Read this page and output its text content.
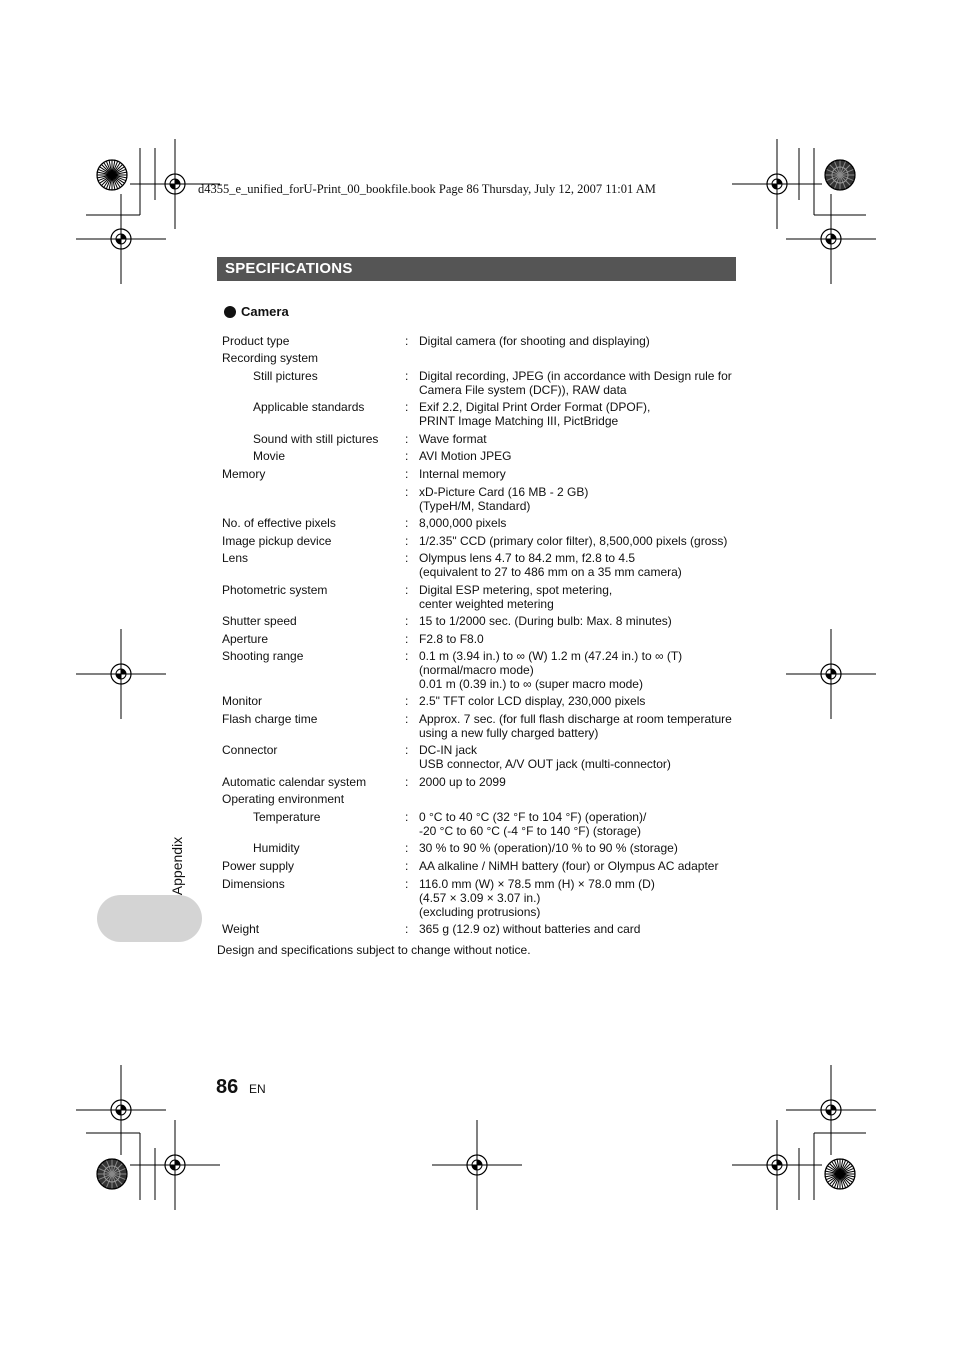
d4355_e_unified_forU-Print_00_bookfile.book Page 86 Thursday, July 12, 2007 11:01 AM
SPECIFICATIONS
Camera
Product type	: Digital camera (for shooting and displaying)
Recording system
Still pictures	: Digital recording, JPEG (in accordance with Design rule for
Camera File system (DCF)), RAW data
Applicable standards	: Exif 2.2, Digital Print Order Format (DPOF),
PRINT Image Matching III, PictBridge
Sound with still pictures : Wave format
Movie	: AVI Motion JPEG
Memory	: Internal memory
: xD-Picture Card (16 MB - 2 GB)
(TypeH/M, Standard)
No. of effective pixels	: 8,000,000 pixels
Image pickup device	: 1/2.35" CCD (primary color filter), 8,500,000 pixels (gross)
Lens	: Olympus lens 4.7 to 84.2 mm, f2.8 to 4.5
(equivalent to 27 to 486 mm on a 35 mm camera)
Photometric system	: Digital ESP metering, spot metering,
center weighted metering
Shutter speed	: 15 to 1/2000 sec. (During bulb: Max. 8 minutes)
Aperture	: F2.8 to F8.0
Shooting range	: 0.1 m (3.94 in.) to ∞ (W) 1.2 m (47.24 in.) to ∞ (T)
(normal/macro mode)
0.01 m (0.39 in.) to ∞ (super macro mode)
Monitor	: 2.5" TFT color LCD display, 230,000 pixels
Flash charge time	: Approx. 7 sec. (for full flash discharge at room temperature
using a new fully charged battery)
Connector	: DC-IN jack
USB connector, A/V OUT jack (multi-connector)
Automatic calendar system	: 2000 up to 2099
Operating environment
Temperature	: 0 °C to 40 °C (32 °F to 104 °F) (operation)/
-20 °C to 60 °C (-4 °F to 140 °F) (storage)
Humidity	: 30 % to 90 % (operation)/10 % to 90 % (storage)
Power supply	: AA alkaline / NiMH battery (four) or Olympus AC adapter
Dimensions	: 116.0 mm (W) × 78.5 mm (H) × 78.0 mm (D)
(4.57 × 3.09 × 3.07 in.)
(excluding protrusions)
Weight	: 365 g (12.9 oz) without batteries and card
Design and specifications subject to change without notice.
Appendix
86 EN
